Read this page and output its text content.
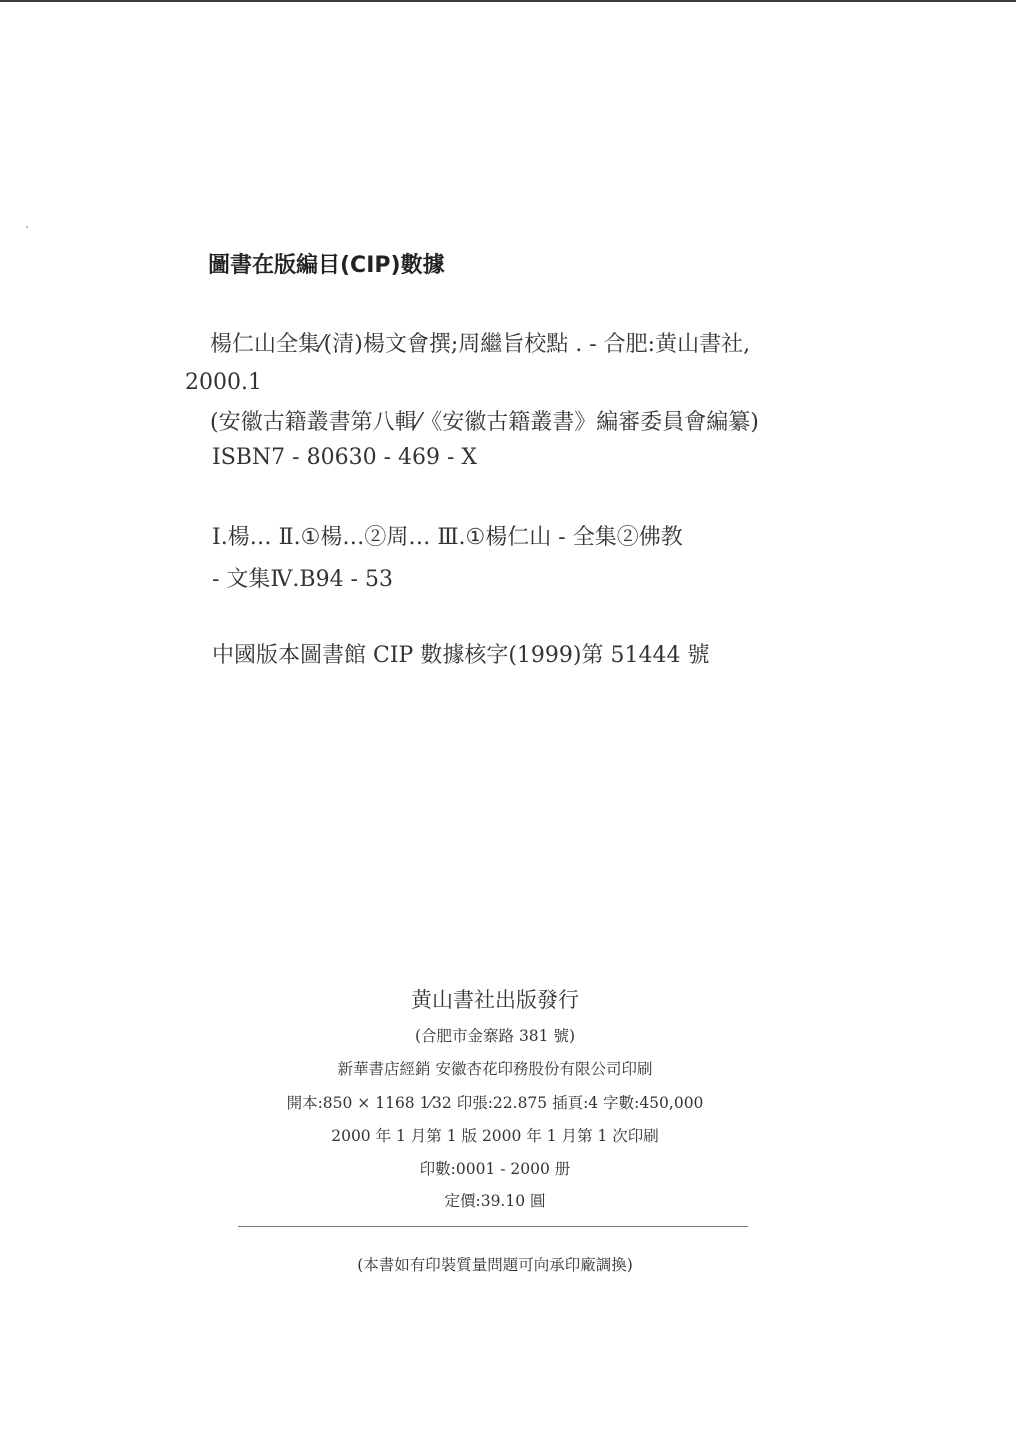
圖書在版編目(CIP)數據
楊仁山全集⁄(清)楊文會撰;周繼旨校點 . - 合肥:黄山書社,
2000.1
(安徽古籍叢書第八輯⁄《安徽古籍叢書》編審委員會編纂)
ISBN7 - 80630 - 469 - X
Ⅰ.楊… Ⅱ.①楊…②周… Ⅲ.①楊仁山 - 全集②佛教
- 文集Ⅳ.B94 - 53
中國版本圖書館 CIP 數據核字(1999)第 51444 號
黄山書社出版發行
(合肥市金寨路 381 號)
新華書店經銷 安徽杏花印務股份有限公司印刷
開本:850 × 1168 1⁄32 印張:22.875 插頁:4 字數:450,000
2000 年 1 月第 1 版 2000 年 1 月第 1 次印刷
印數:0001 - 2000 册
定價:39.10 圓
(本書如有印裝質量問題可向承印廠調換)
